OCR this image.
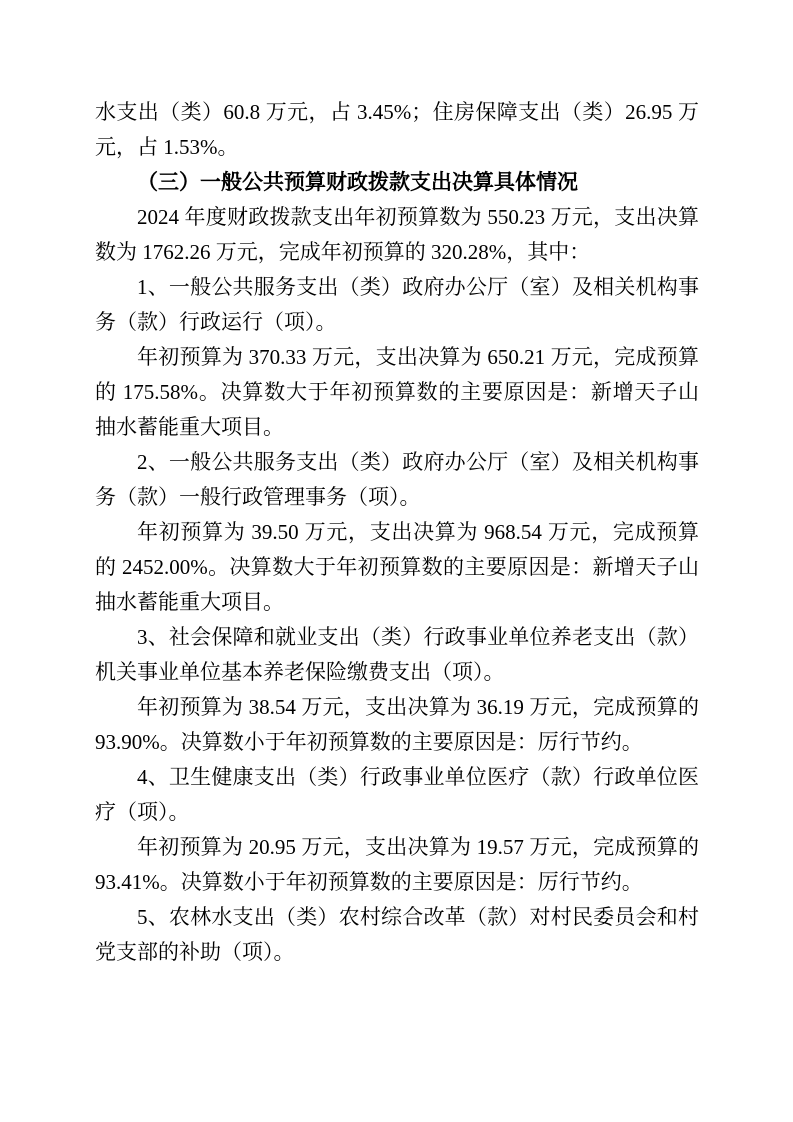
水支出（类）60.8 万元，占 3.45%；住房保障支出（类）26.95 万元，占 1.53%。

（三）一般公共预算财政拨款支出决算具体情况

2024 年度财政拨款支出年初预算数为 550.23 万元，支出决算数为 1762.26 万元，完成年初预算的 320.28%，其中：

1、一般公共服务支出（类）政府办公厅（室）及相关机构事务（款）行政运行（项）。

年初预算为 370.33 万元，支出决算为 650.21 万元，完成预算的 175.58%。决算数大于年初预算数的主要原因是：新增天子山抽水蓄能重大项目。

2、一般公共服务支出（类）政府办公厅（室）及相关机构事务（款）一般行政管理事务（项）。

年初预算为 39.50 万元，支出决算为 968.54 万元，完成预算的 2452.00%。决算数大于年初预算数的主要原因是：新增天子山抽水蓄能重大项目。

3、社会保障和就业支出（类）行政事业单位养老支出（款）机关事业单位基本养老保险缴费支出（项）。

年初预算为 38.54 万元，支出决算为 36.19 万元，完成预算的 93.90%。决算数小于年初预算数的主要原因是：厉行节约。

4、卫生健康支出（类）行政事业单位医疗（款）行政单位医疗（项）。

年初预算为 20.95 万元，支出决算为 19.57 万元，完成预算的 93.41%。决算数小于年初预算数的主要原因是：厉行节约。

5、农林水支出（类）农村综合改革（款）对村民委员会和村党支部的补助（项）。
